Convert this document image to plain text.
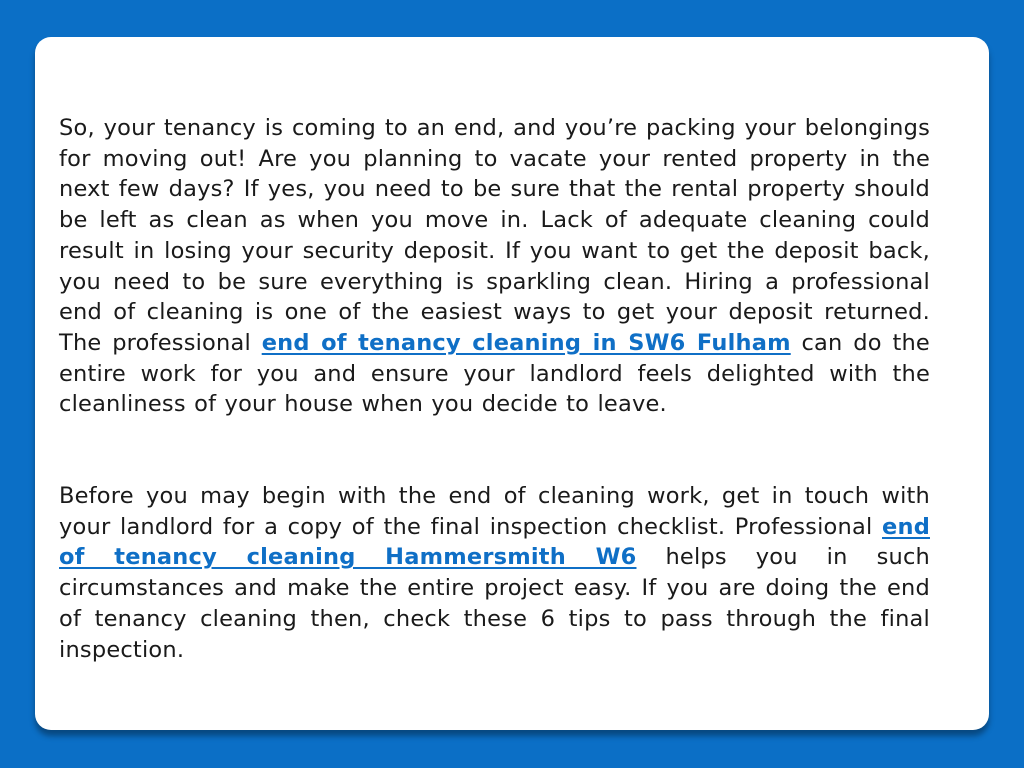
So, your tenancy is coming to an end, and you’re packing your belongings for moving out! Are you planning to vacate your rented property in the next few days? If yes, you need to be sure that the rental property should be left as clean as when you move in. Lack of adequate cleaning could result in losing your security deposit. If you want to get the deposit back, you need to be sure everything is sparkling clean. Hiring a professional end of cleaning is one of the easiest ways to get your deposit returned. The professional end of tenancy cleaning in SW6 Fulham can do the entire work for you and ensure your landlord feels delighted with the cleanliness of your house when you decide to leave.

Before you may begin with the end of cleaning work, get in touch with your landlord for a copy of the final inspection checklist. Professional end of tenancy cleaning Hammersmith W6 helps you in such circumstances and make the entire project easy. If you are doing the end of tenancy cleaning then, check these 6 tips to pass through the final inspection.
